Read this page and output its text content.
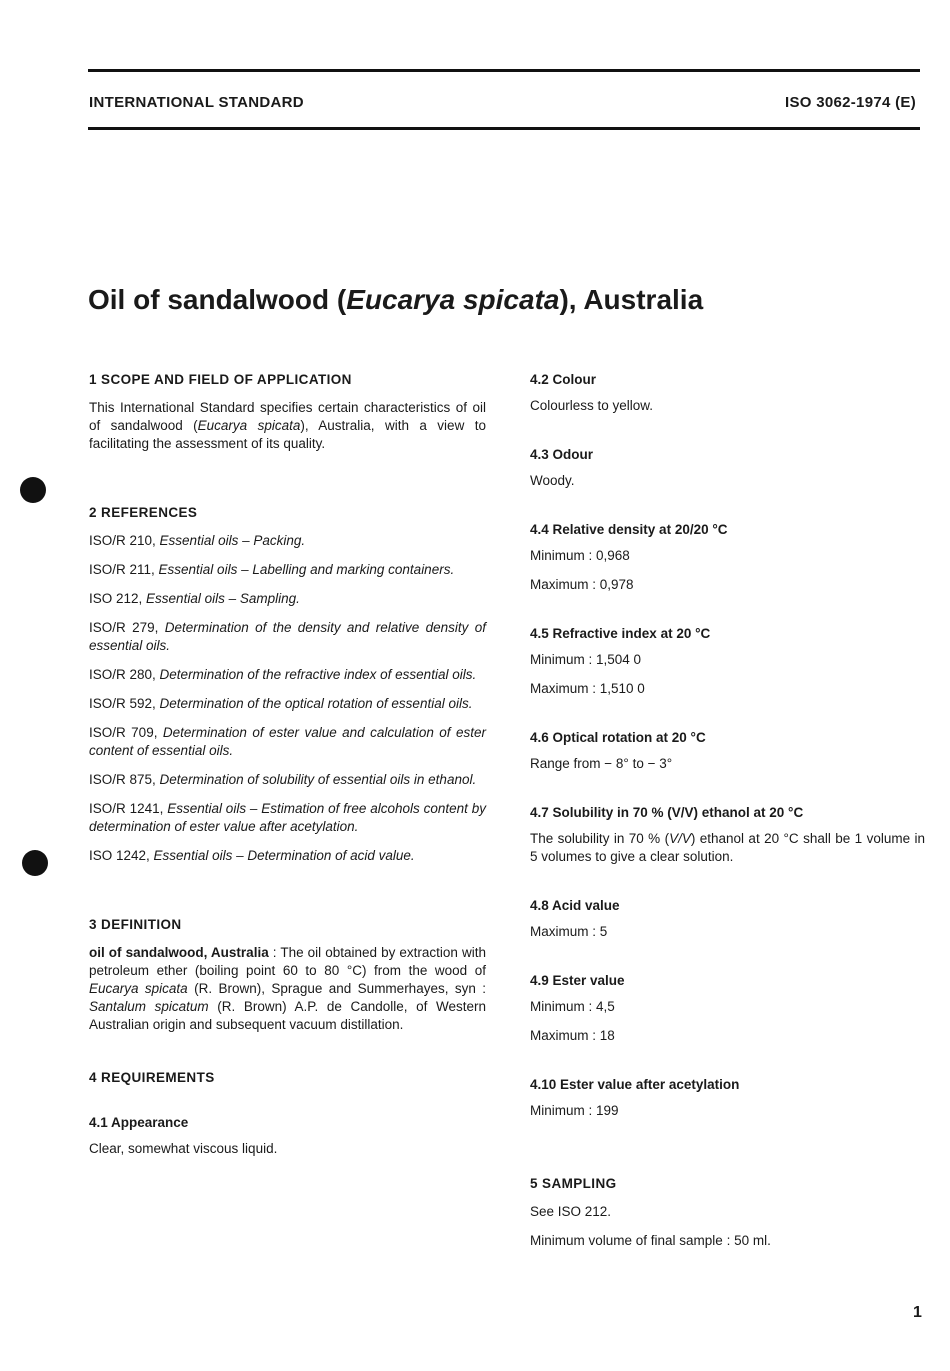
INTERNATIONAL STANDARD	ISO 3062-1974 (E)
Oil of sandalwood (Eucarya spicata), Australia
1 SCOPE AND FIELD OF APPLICATION

This International Standard specifies certain characteristics of oil of sandalwood (Eucarya spicata), Australia, with a view to facilitating the assessment of its quality.

2 REFERENCES

ISO/R 210, Essential oils – Packing.

ISO/R 211, Essential oils – Labelling and marking containers.

ISO 212, Essential oils – Sampling.

ISO/R 279, Determination of the density and relative density of essential oils.

ISO/R 280, Determination of the refractive index of essential oils.

ISO/R 592, Determination of the optical rotation of essential oils.

ISO/R 709, Determination of ester value and calculation of ester content of essential oils.

ISO/R 875, Determination of solubility of essential oils in ethanol.

ISO/R 1241, Essential oils – Estimation of free alcohols content by determination of ester value after acetylation.

ISO 1242, Essential oils – Determination of acid value.

3 DEFINITION

oil of sandalwood, Australia : The oil obtained by extraction with petroleum ether (boiling point 60 to 80 °C) from the wood of Eucarya spicata (R. Brown), Sprague and Summerhayes, syn : Santalum spicatum (R. Brown) A.P. de Candolle, of Western Australian origin and subsequent vacuum distillation.

4 REQUIREMENTS
4.1 Appearance

Clear, somewhat viscous liquid.

4.2 Colour

Colourless to yellow.

4.3 Odour

Woody.

4.4 Relative density at 20/20 °C

Minimum : 0,968

Maximum : 0,978

4.5 Refractive index at 20 °C

Minimum : 1,504 0

Maximum : 1,510 0

4.6 Optical rotation at 20 °C

Range from − 8° to − 3°

4.7 Solubility in 70 % (V/V) ethanol at 20 °C

The solubility in 70 % (V/V) ethanol at 20 °C shall be 1 volume in 5 volumes to give a clear solution.

4.8 Acid value

Maximum : 5

4.9 Ester value

Minimum : 4,5

Maximum : 18

4.10 Ester value after acetylation

Minimum : 199

5 SAMPLING

See ISO 212.

Minimum volume of final sample : 50 ml.

1
